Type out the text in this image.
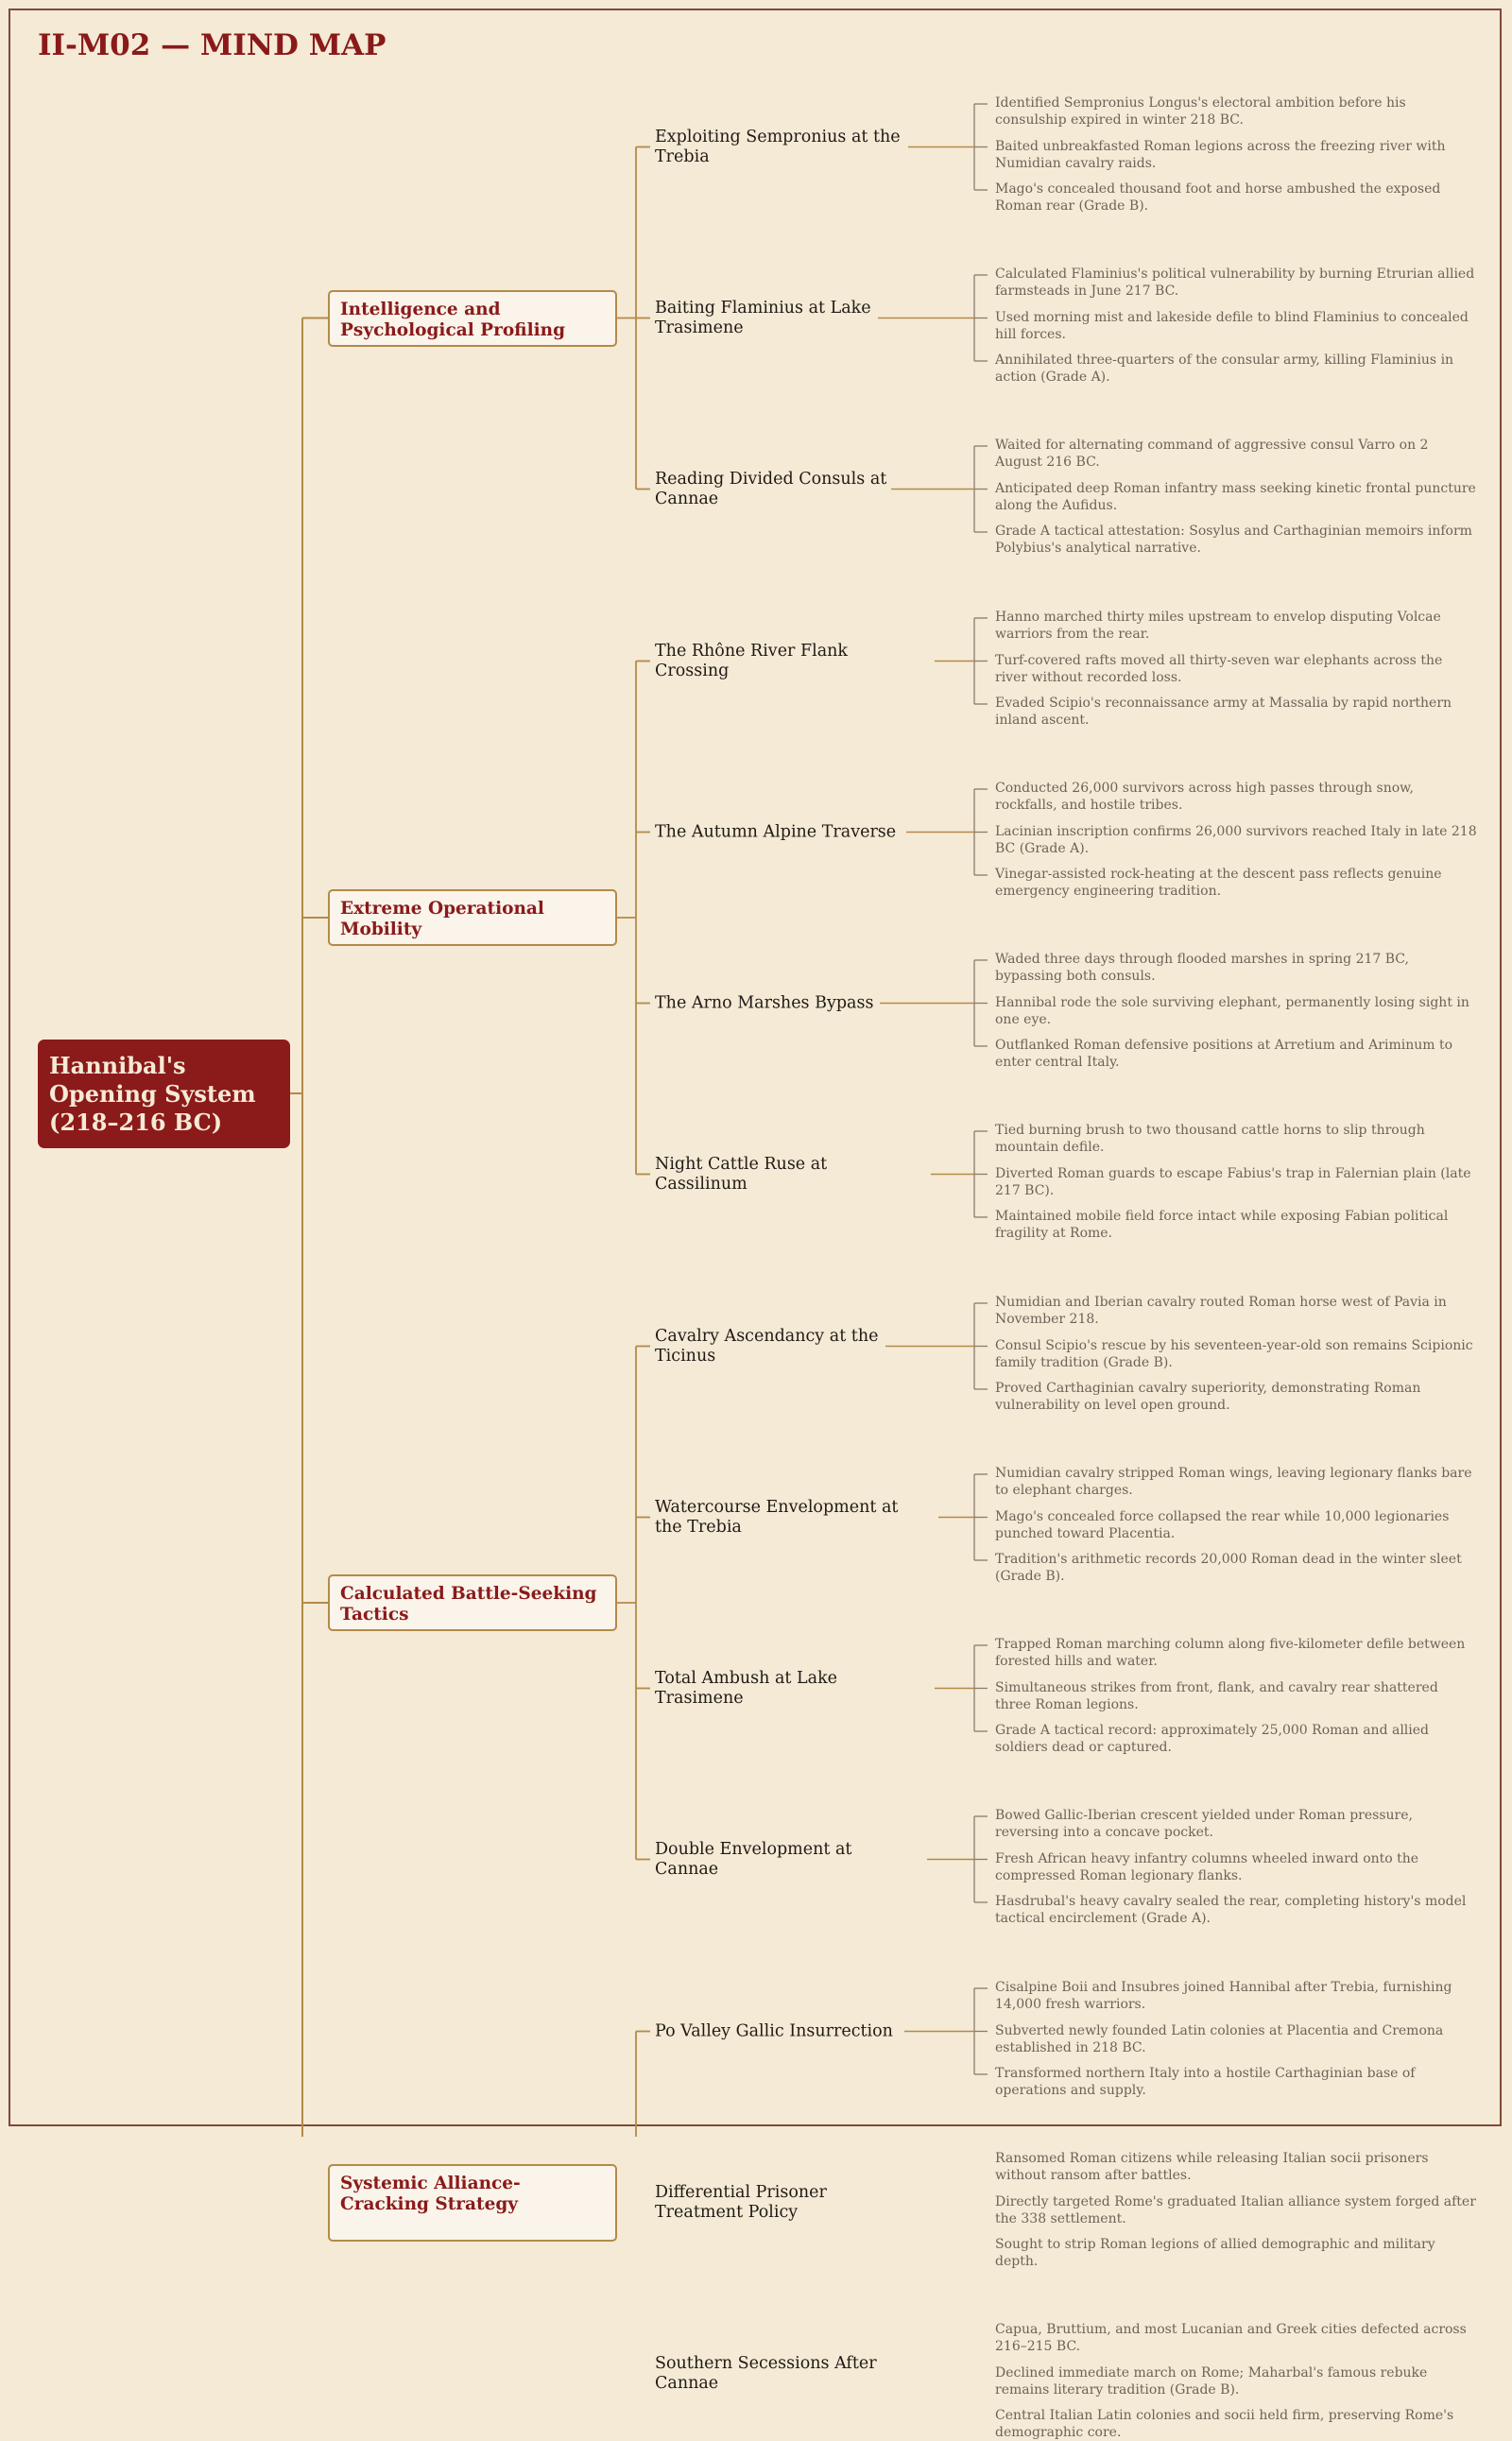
II-M02 — MIND MAP
Hannibal's Opening System (218–216 BC)
Identified Sempronius Longus's electoral ambition before his consulship expired in winter 218 BC.
Baited unbreakfasted Roman legions across the freezing river with Numidian cavalry raids.
Mago's concealed thousand foot and horse ambushed the exposed Roman rear (Grade B).
Exploiting Sempronius at the Trebia
Calculated Flaminius's political vulnerability by burning Etrurian allied farmsteads in June 217 BC.
Used morning mist and lakeside defile to blind Flaminius to concealed hill forces.
Annihilated three-quarters of the consular army, killing Flaminius in action (Grade A).
Baiting Flaminius at Lake Trasimene
Waited for alternating command of aggressive consul Varro on 2 August 216 BC.
Anticipated deep Roman infantry mass seeking kinetic frontal puncture along the Aufidus.
Grade A tactical attestation: Sosylus and Carthaginian memoirs inform Polybius's analytical narrative.
Reading Divided Consuls at Cannae
Intelligence and Psychological Profiling
Hanno marched thirty miles upstream to envelop disputing Volcae warriors from the rear.
Turf-covered rafts moved all thirty-seven war elephants across the river without recorded loss.
Evaded Scipio's reconnaissance army at Massalia by rapid northern inland ascent.
The Rhône River Flank Crossing
Conducted 26,000 survivors across high passes through snow, rockfalls, and hostile tribes.
Lacinian inscription confirms 26,000 survivors reached Italy in late 218 BC (Grade A).
Vinegar-assisted rock-heating at the descent pass reflects genuine emergency engineering tradition.
The Autumn Alpine Traverse
Waded three days through flooded marshes in spring 217 BC, bypassing both consuls.
Hannibal rode the sole surviving elephant, permanently losing sight in one eye.
Outflanked Roman defensive positions at Arretium and Ariminum to enter central Italy.
The Arno Marshes Bypass
Tied burning brush to two thousand cattle horns to slip through mountain defile.
Diverted Roman guards to escape Fabius's trap in Falernian plain (late 217 BC).
Maintained mobile field force intact while exposing Fabian political fragility at Rome.
Night Cattle Ruse at Cassilinum
Extreme Operational Mobility
Numidian and Iberian cavalry routed Roman horse west of Pavia in November 218.
Consul Scipio's rescue by his seventeen-year-old son remains Scipionic family tradition (Grade B).
Proved Carthaginian cavalry superiority, demonstrating Roman vulnerability on level open ground.
Cavalry Ascendancy at the Ticinus
Numidian cavalry stripped Roman wings, leaving legionary flanks bare to elephant charges.
Mago's concealed force collapsed the rear while 10,000 legionaries punched toward Placentia.
Tradition's arithmetic records 20,000 Roman dead in the winter sleet (Grade B).
Watercourse Envelopment at the Trebia
Trapped Roman marching column along five-kilometer defile between forested hills and water.
Simultaneous strikes from front, flank, and cavalry rear shattered three Roman legions.
Grade A tactical record: approximately 25,000 Roman and allied soldiers dead or captured.
Total Ambush at Lake Trasimene
Bowed Gallic-Iberian crescent yielded under Roman pressure, reversing into a concave pocket.
Fresh African heavy infantry columns wheeled inward onto the compressed Roman legionary flanks.
Hasdrubal's heavy cavalry sealed the rear, completing history's model tactical encirclement (Grade A).
Double Envelopment at Cannae
Calculated Battle-Seeking Tactics
Cisalpine Boii and Insubres joined Hannibal after Trebia, furnishing 14,000 fresh warriors.
Subverted newly founded Latin colonies at Placentia and Cremona established in 218 BC.
Transformed northern Italy into a hostile Carthaginian base of operations and supply.
Po Valley Gallic Insurrection
Ransomed Roman citizens while releasing Italian socii prisoners without ransom after battles.
Directly targeted Rome's graduated Italian alliance system forged after the 338 settlement.
Sought to strip Roman legions of allied demographic and military depth.
Differential Prisoner Treatment Policy
Capua, Bruttium, and most Lucanian and Greek cities defected across 216–215 BC.
Declined immediate march on Rome; Maharbal's famous rebuke remains literary tradition (Grade B).
Central Italian Latin colonies and socii held firm, preserving Rome's demographic core.
Southern Secessions After Cannae
Systemic Alliance-Cracking Strategy
